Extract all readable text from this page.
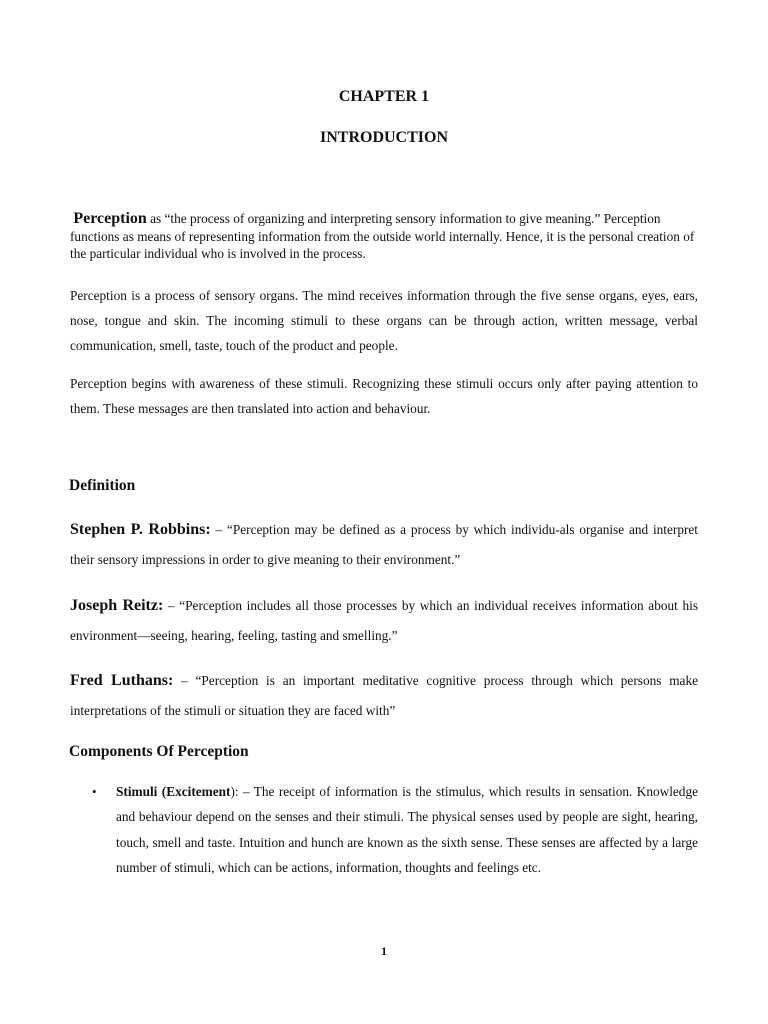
CHAPTER 1
INTRODUCTION
Perception as “the process of organizing and interpreting sensory information to give meaning.” Perception functions as means of representing information from the outside world internally. Hence, it is the personal creation of the particular individual who is involved in the process.
Perception is a process of sensory organs. The mind receives information through the five sense organs, eyes, ears, nose, tongue and skin. The incoming stimuli to these organs can be through action, written message, verbal communication, smell, taste, touch of the product and people.
Perception begins with awareness of these stimuli. Recognizing these stimuli occurs only after paying attention to them. These messages are then translated into action and behaviour.
Definition
Stephen P. Robbins: – “Perception may be defined as a process by which individu-als organise and interpret their sensory impressions in order to give meaning to their environment.”
Joseph Reitz: – “Perception includes all those processes by which an individual receives information about his environment—seeing, hearing, feeling, tasting and smelling.”
Fred Luthans: – “Perception is an important meditative cognitive process through which persons make interpretations of the stimuli or situation they are faced with”
Components Of Perception
• Stimuli (Excitement): – The receipt of information is the stimulus, which results in sensation. Knowledge and behaviour depend on the senses and their stimuli. The physical senses used by people are sight, hearing, touch, smell and taste. Intuition and hunch are known as the sixth sense. These senses are affected by a large number of stimuli, which can be actions, information, thoughts and feelings etc.
1
